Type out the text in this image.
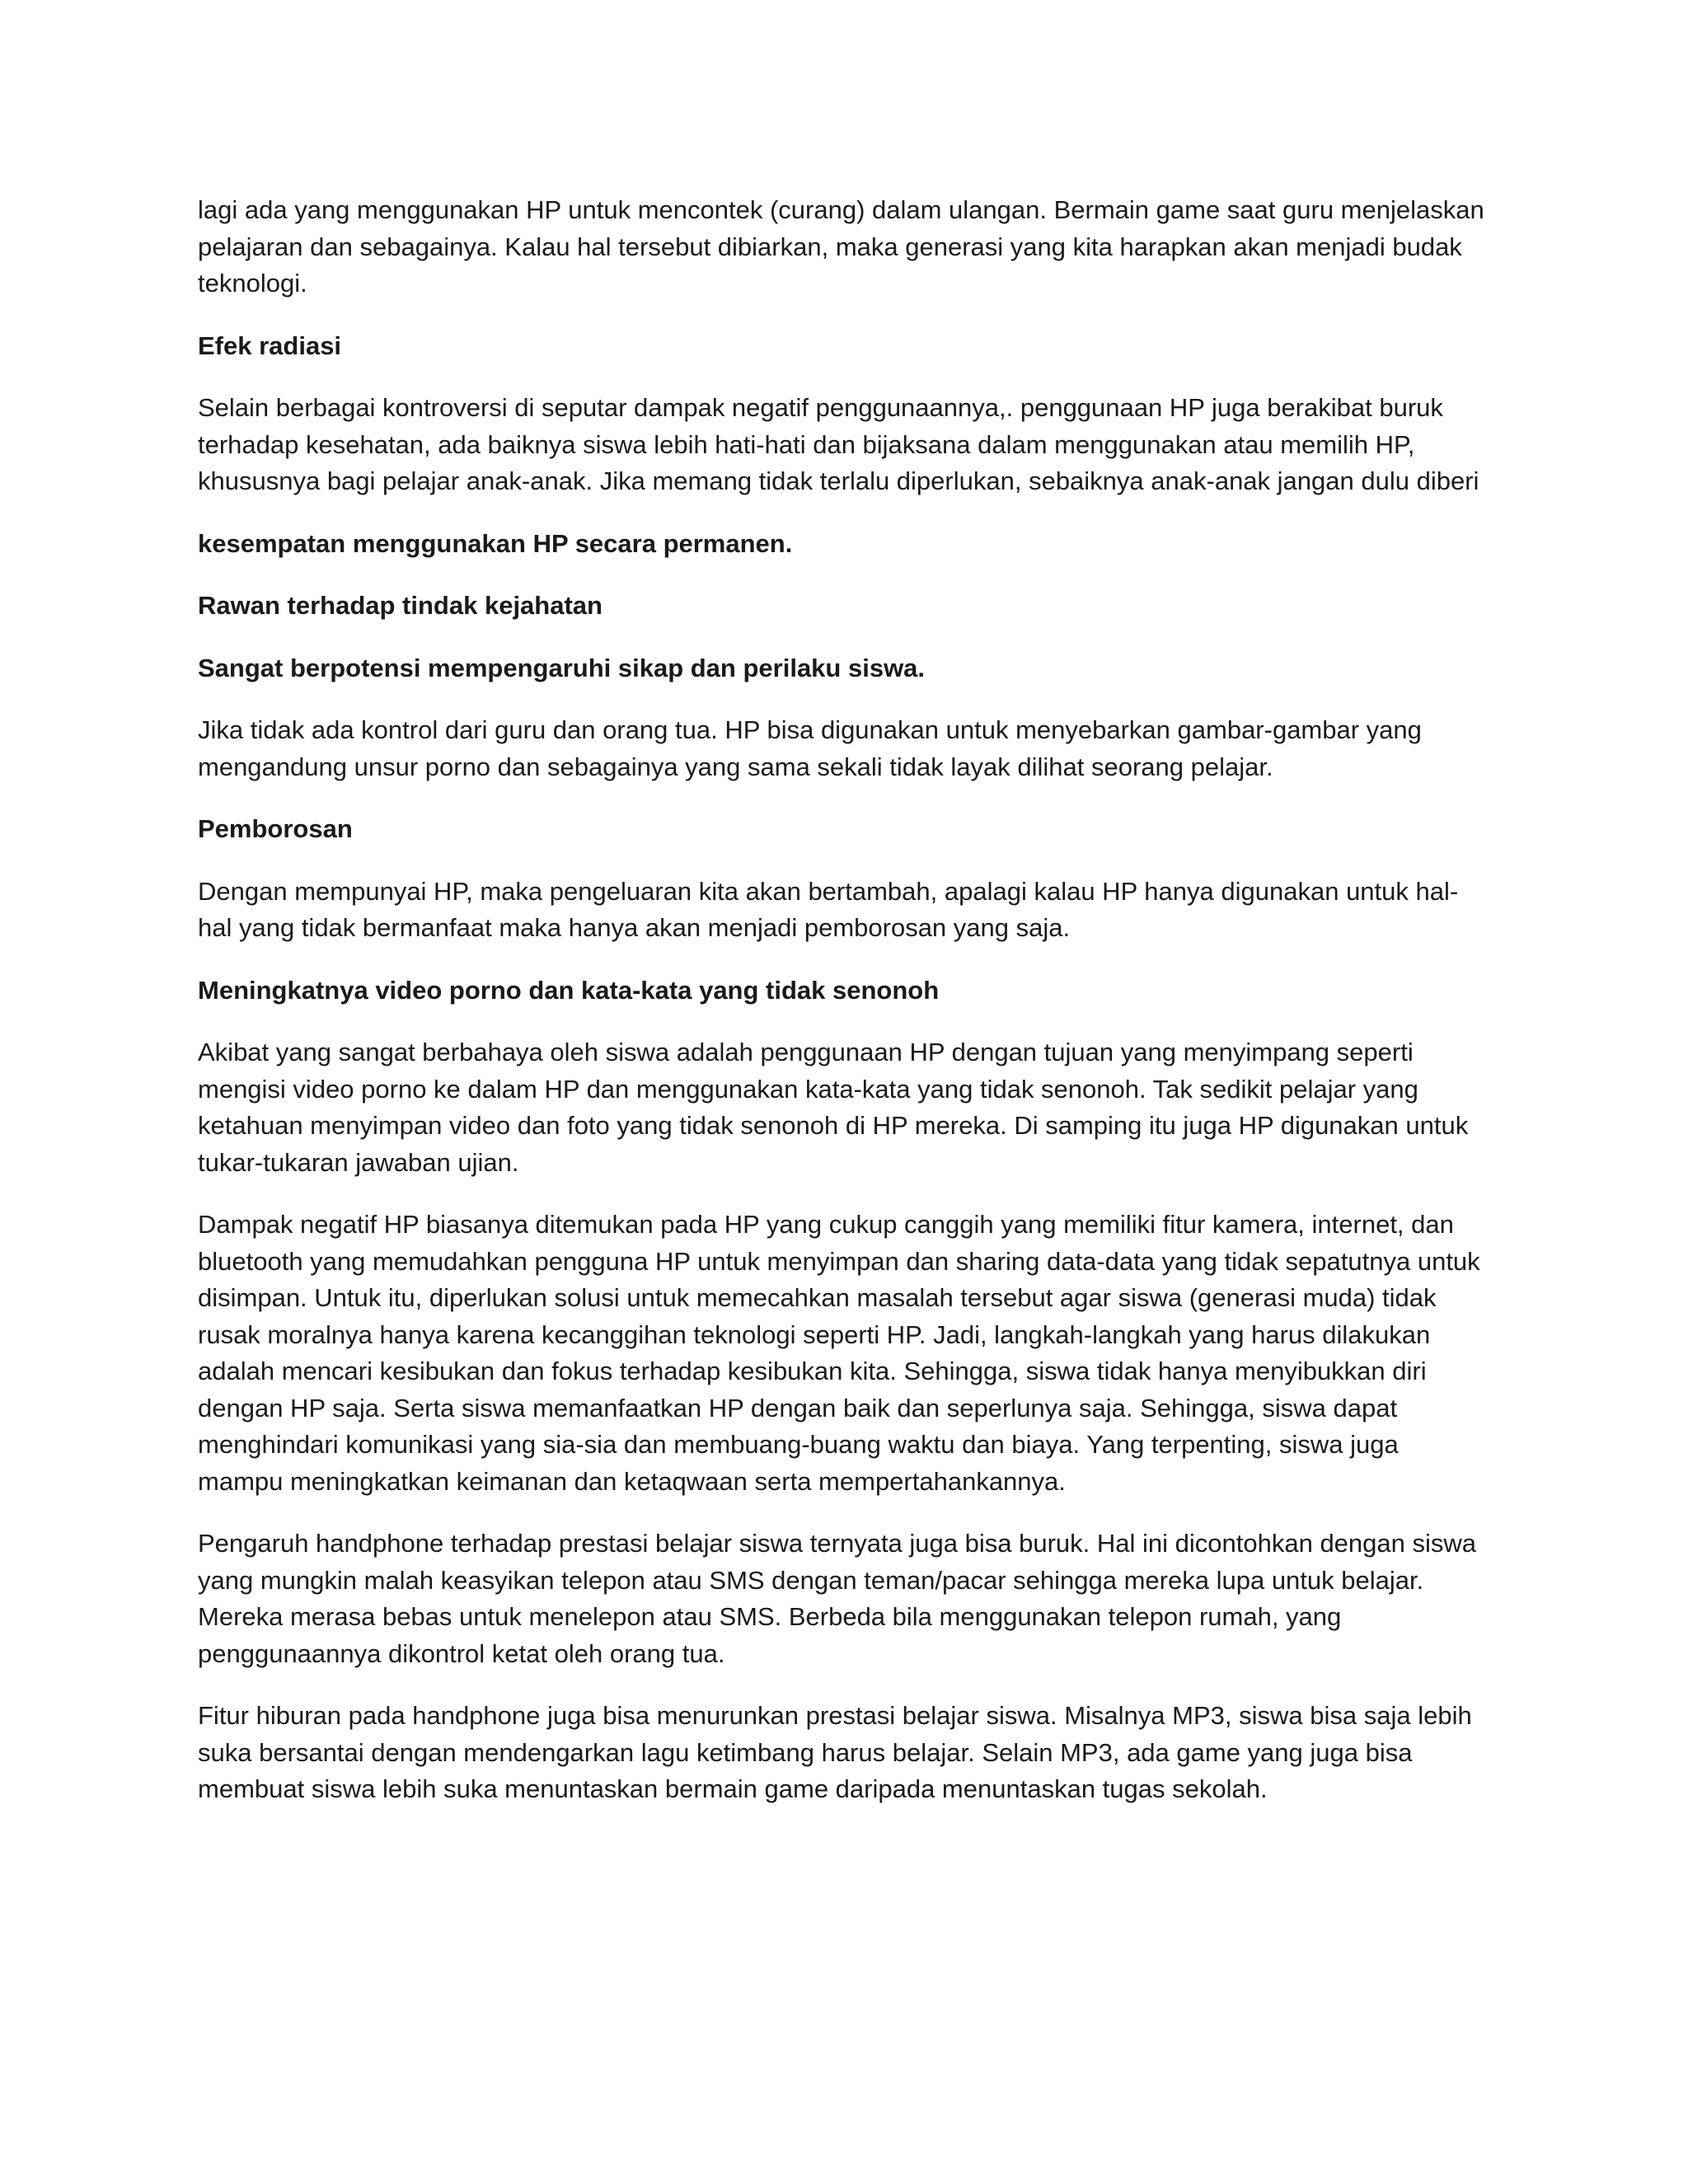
lagi ada yang menggunakan HP untuk mencontek (curang) dalam ulangan. Bermain game saat guru menjelaskan pelajaran dan sebagainya. Kalau hal tersebut dibiarkan, maka generasi yang kita harapkan akan menjadi budak teknologi.

Efek radiasi

Selain berbagai kontroversi di seputar dampak negatif penggunaannya,. penggunaan HP juga berakibat buruk terhadap kesehatan, ada baiknya siswa lebih hati-hati dan bijaksana dalam menggunakan atau memilih HP, khususnya bagi pelajar anak-anak. Jika memang tidak terlalu diperlukan, sebaiknya anak-anak jangan dulu diberi

kesempatan menggunakan HP secara permanen.

Rawan terhadap tindak kejahatan

Sangat berpotensi mempengaruhi sikap dan perilaku siswa.

Jika tidak ada kontrol dari guru dan orang tua. HP bisa digunakan untuk menyebarkan gambar-gambar yang mengandung unsur porno dan sebagainya yang sama sekali tidak layak dilihat seorang pelajar.

Pemborosan

Dengan mempunyai HP, maka pengeluaran kita akan bertambah, apalagi kalau HP hanya digunakan untuk hal-hal yang tidak bermanfaat maka hanya akan menjadi pemborosan yang saja.

Meningkatnya video porno dan kata-kata yang tidak senonoh

Akibat yang sangat berbahaya oleh siswa adalah penggunaan HP dengan tujuan yang menyimpang seperti mengisi video porno ke dalam HP dan menggunakan kata-kata yang tidak senonoh. Tak sedikit pelajar yang ketahuan menyimpan video dan foto yang tidak senonoh di HP mereka. Di samping itu juga HP digunakan untuk tukar-tukaran jawaban ujian.

Dampak negatif HP biasanya ditemukan pada HP yang cukup canggih yang memiliki fitur kamera, internet, dan bluetooth yang memudahkan pengguna HP untuk menyimpan dan sharing data-data yang tidak sepatutnya untuk disimpan. Untuk itu, diperlukan solusi untuk memecahkan masalah tersebut agar siswa (generasi muda) tidak rusak moralnya hanya karena kecanggihan teknologi seperti HP. Jadi, langkah-langkah yang harus dilakukan adalah mencari kesibukan dan fokus terhadap kesibukan kita. Sehingga, siswa tidak hanya menyibukkan diri dengan HP saja. Serta siswa memanfaatkan HP dengan baik dan seperlunya saja. Sehingga, siswa dapat menghindari komunikasi yang sia-sia dan membuang-buang waktu dan biaya. Yang terpenting, siswa juga mampu meningkatkan keimanan dan ketaqwaan serta mempertahankannya.

Pengaruh handphone terhadap prestasi belajar siswa ternyata juga bisa buruk. Hal ini dicontohkan dengan siswa yang mungkin malah keasyikan telepon atau SMS dengan teman/pacar sehingga mereka lupa untuk belajar. Mereka merasa bebas untuk menelepon atau SMS. Berbeda bila menggunakan telepon rumah, yang penggunaannya dikontrol ketat oleh orang tua.

Fitur hiburan pada handphone juga bisa menurunkan prestasi belajar siswa. Misalnya MP3, siswa bisa saja lebih suka bersantai dengan mendengarkan lagu ketimbang harus belajar. Selain MP3, ada game yang juga bisa membuat siswa lebih suka menuntaskan bermain game daripada menuntaskan tugas sekolah.
